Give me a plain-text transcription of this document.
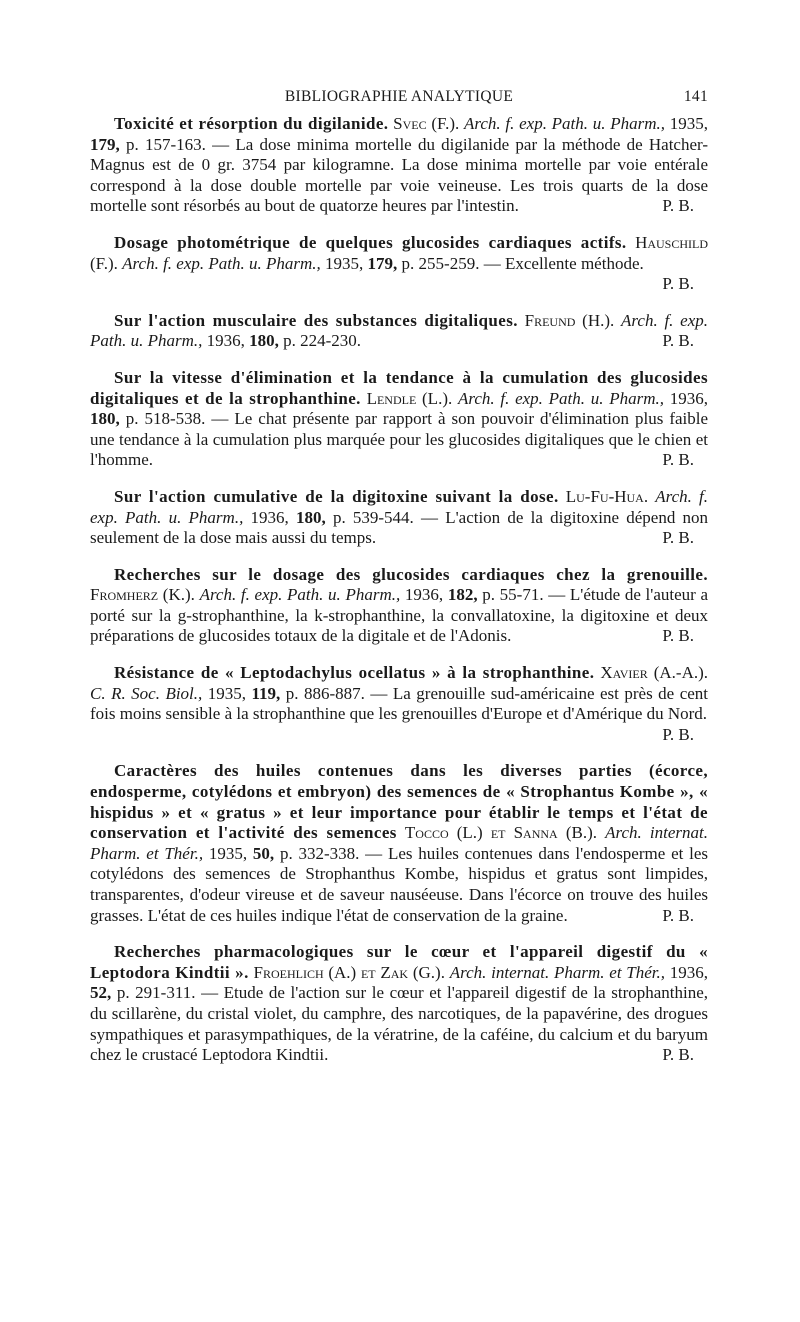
BIBLIOGRAPHIE ANALYTIQUE	141

Toxicité et résorption du digilanide. Svec (F.). Arch. f. exp. Path. u. Pharm., 1935, 179, p. 157-163. — La dose minima mortelle du digilanide par la méthode de Hatcher-Magnus est de 0 gr. 3754 par kilogramne. La dose minima mortelle par voie entérale correspond à la dose double mortelle par voie veineuse. Les trois quarts de la dose mortelle sont résorbés au bout de quatorze heures par l'intestin.	P. B.

Dosage photométrique de quelques glucosides cardiaques actifs. Hauschild (F.). Arch. f. exp. Path. u. Pharm., 1935, 179, p. 255-259. — Excellente méthode.
P. B.

Sur l'action musculaire des substances digitaliques. Freund (H.). Arch. f. exp. Path. u. Pharm., 1936, 180, p. 224-230.	P. B.

Sur la vitesse d'élimination et la tendance à la cumulation des glucosides digitaliques et de la strophanthine. Lendle (L.). Arch. f. exp. Path. u. Pharm., 1936, 180, p. 518-538. — Le chat présente par rapport à son pouvoir d'élimination plus faible une tendance à la cumulation plus marquée pour les glucosides digitaliques que le chien et l'homme.	P. B.

Sur l'action cumulative de la digitoxine suivant la dose. Lu-Fu-Hua. Arch. f. exp. Path. u. Pharm., 1936, 180, p. 539-544. — L'action de la digitoxine dépend non seulement de la dose mais aussi du temps.	P. B.

Recherches sur le dosage des glucosides cardiaques chez la grenouille. Fromherz (K.). Arch. f. exp. Path. u. Pharm., 1936, 182, p. 55-71. — L'étude de l'auteur a porté sur la g-strophanthine, la k-strophanthine, la convallatoxine, la digitoxine et deux préparations de glucosides totaux de la digitale et de l'Adonis.	P. B.

Résistance de « Leptodachylus ocellatus » à la strophanthine. Xavier (A.-A.). C. R. Soc. Biol., 1935, 119, p. 886-887. — La grenouille sud-américaine est près de cent fois moins sensible à la strophanthine que les grenouilles d'Europe et d'Amérique du Nord.
P. B.

Caractères des huiles contenues dans les diverses parties (écorce, endosperme, cotylédons et embryon) des semences de « Strophantus Kombe », « hispidus » et « gratus » et leur importance pour établir le temps et l'état de conservation et l'activité des semences Tocco (L.) et Sanna (B.). Arch. internat. Pharm. et Thér., 1935, 50, p. 332-338. — Les huiles contenues dans l'endosperme et les cotylédons des semences de Strophanthus Kombe, hispidus et gratus sont limpides, transparentes, d'odeur vireuse et de saveur nauséeuse. Dans l'écorce on trouve des huiles grasses. L'état de ces huiles indique l'état de conservation de la graine.	P. B.

Recherches pharmacologiques sur le cœur et l'appareil digestif du « Leptodora Kindtii ». Froehlich (A.) et Zak (G.). Arch. internat. Pharm. et Thér., 1936, 52, p. 291-311. — Etude de l'action sur le cœur et l'appareil digestif de la strophanthine, du scillarène, du cristal violet, du camphre, des narcotiques, de la papavérine, des drogues sympathiques et parasympathiques, de la vératrine, de la caféine, du calcium et du baryum chez le crustacé Leptodora Kindtii.	P. B.
